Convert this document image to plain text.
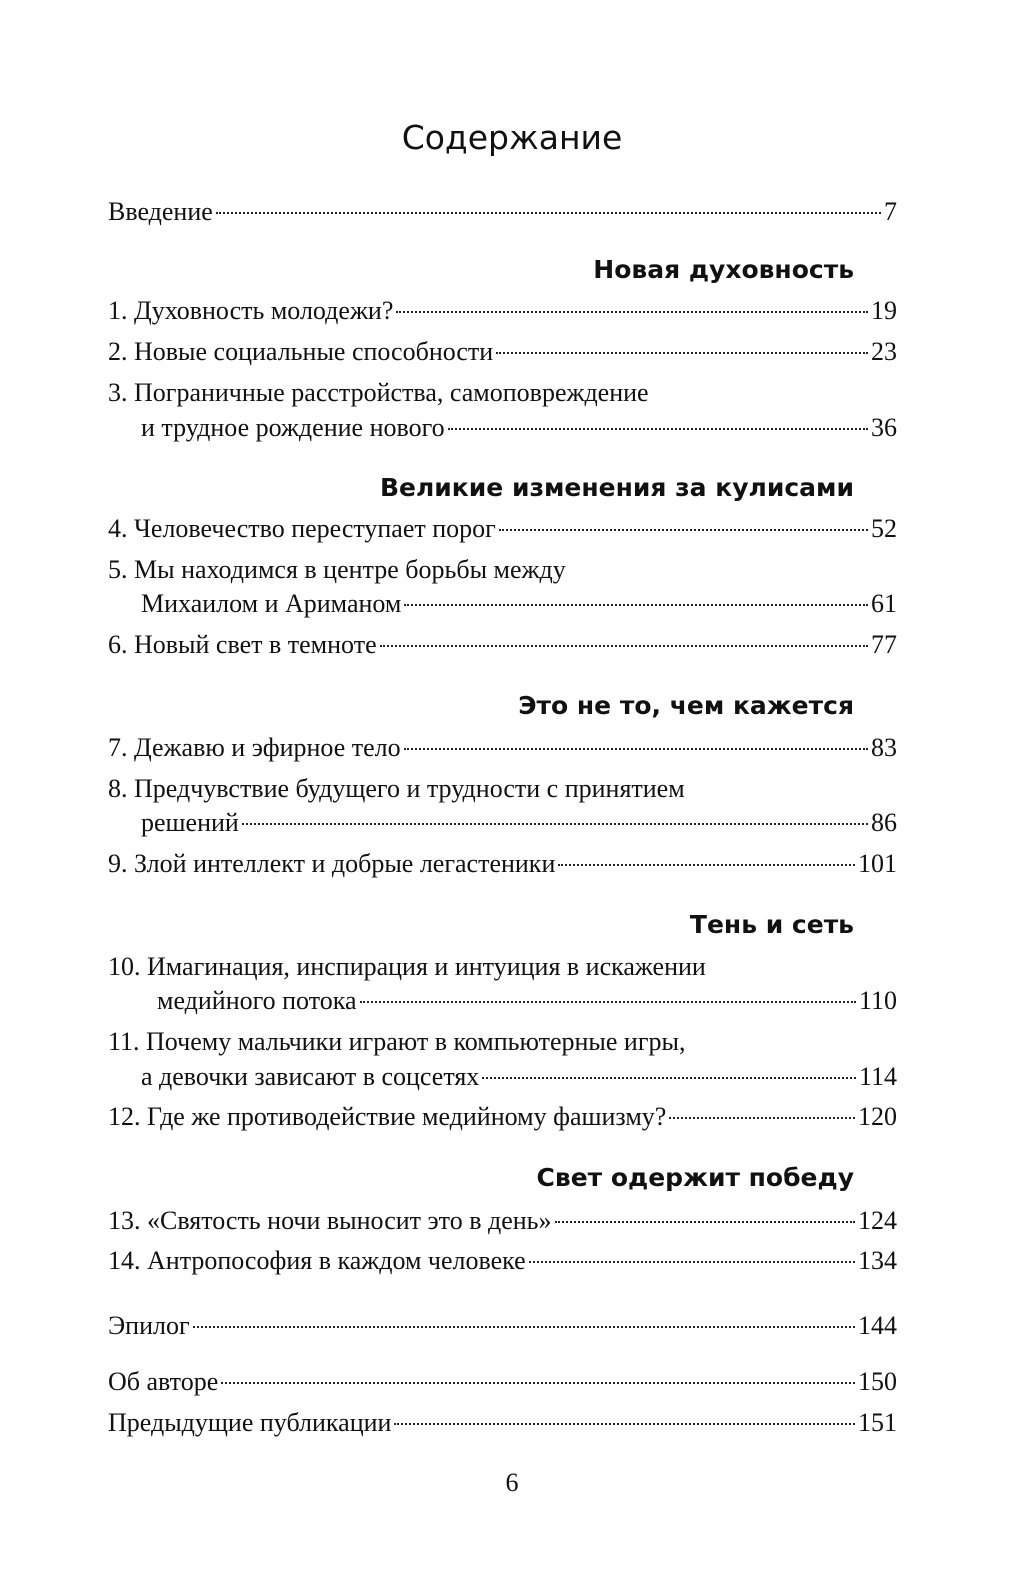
Содержание
Введение	7
Новая духовность
1. Духовность молодежи?	19
2. Новые социальные способности	23
3. Пограничные расстройства, самоповреждение
и трудное рождение нового	36
Великие изменения за кулисами
4. Человечество переступает порог	52
5. Мы находимся в центре борьбы между
Михаилом и Ариманом	61
6. Новый свет в темноте	77
Это не то, чем кажется
7. Дежавю и эфирное тело	83
8. Предчувствие будущего и трудности с принятием
решений	86
9. Злой интеллект и добрые легастеники	101
Тень и сеть
10. Имагинация, инспирация и интуиция в искажении
медийного потока	110
11. Почему мальчики играют в компьютерные игры,
а девочки зависают в соцсетях	114
12. Где же противодействие медийному фашизму?	120
Свет одержит победу
13. «Святость ночи выносит это в день»	124
14. Антропософия в каждом человеке	134
Эпилог	144
Об авторе	150
Предыдущие публикации	151
6
